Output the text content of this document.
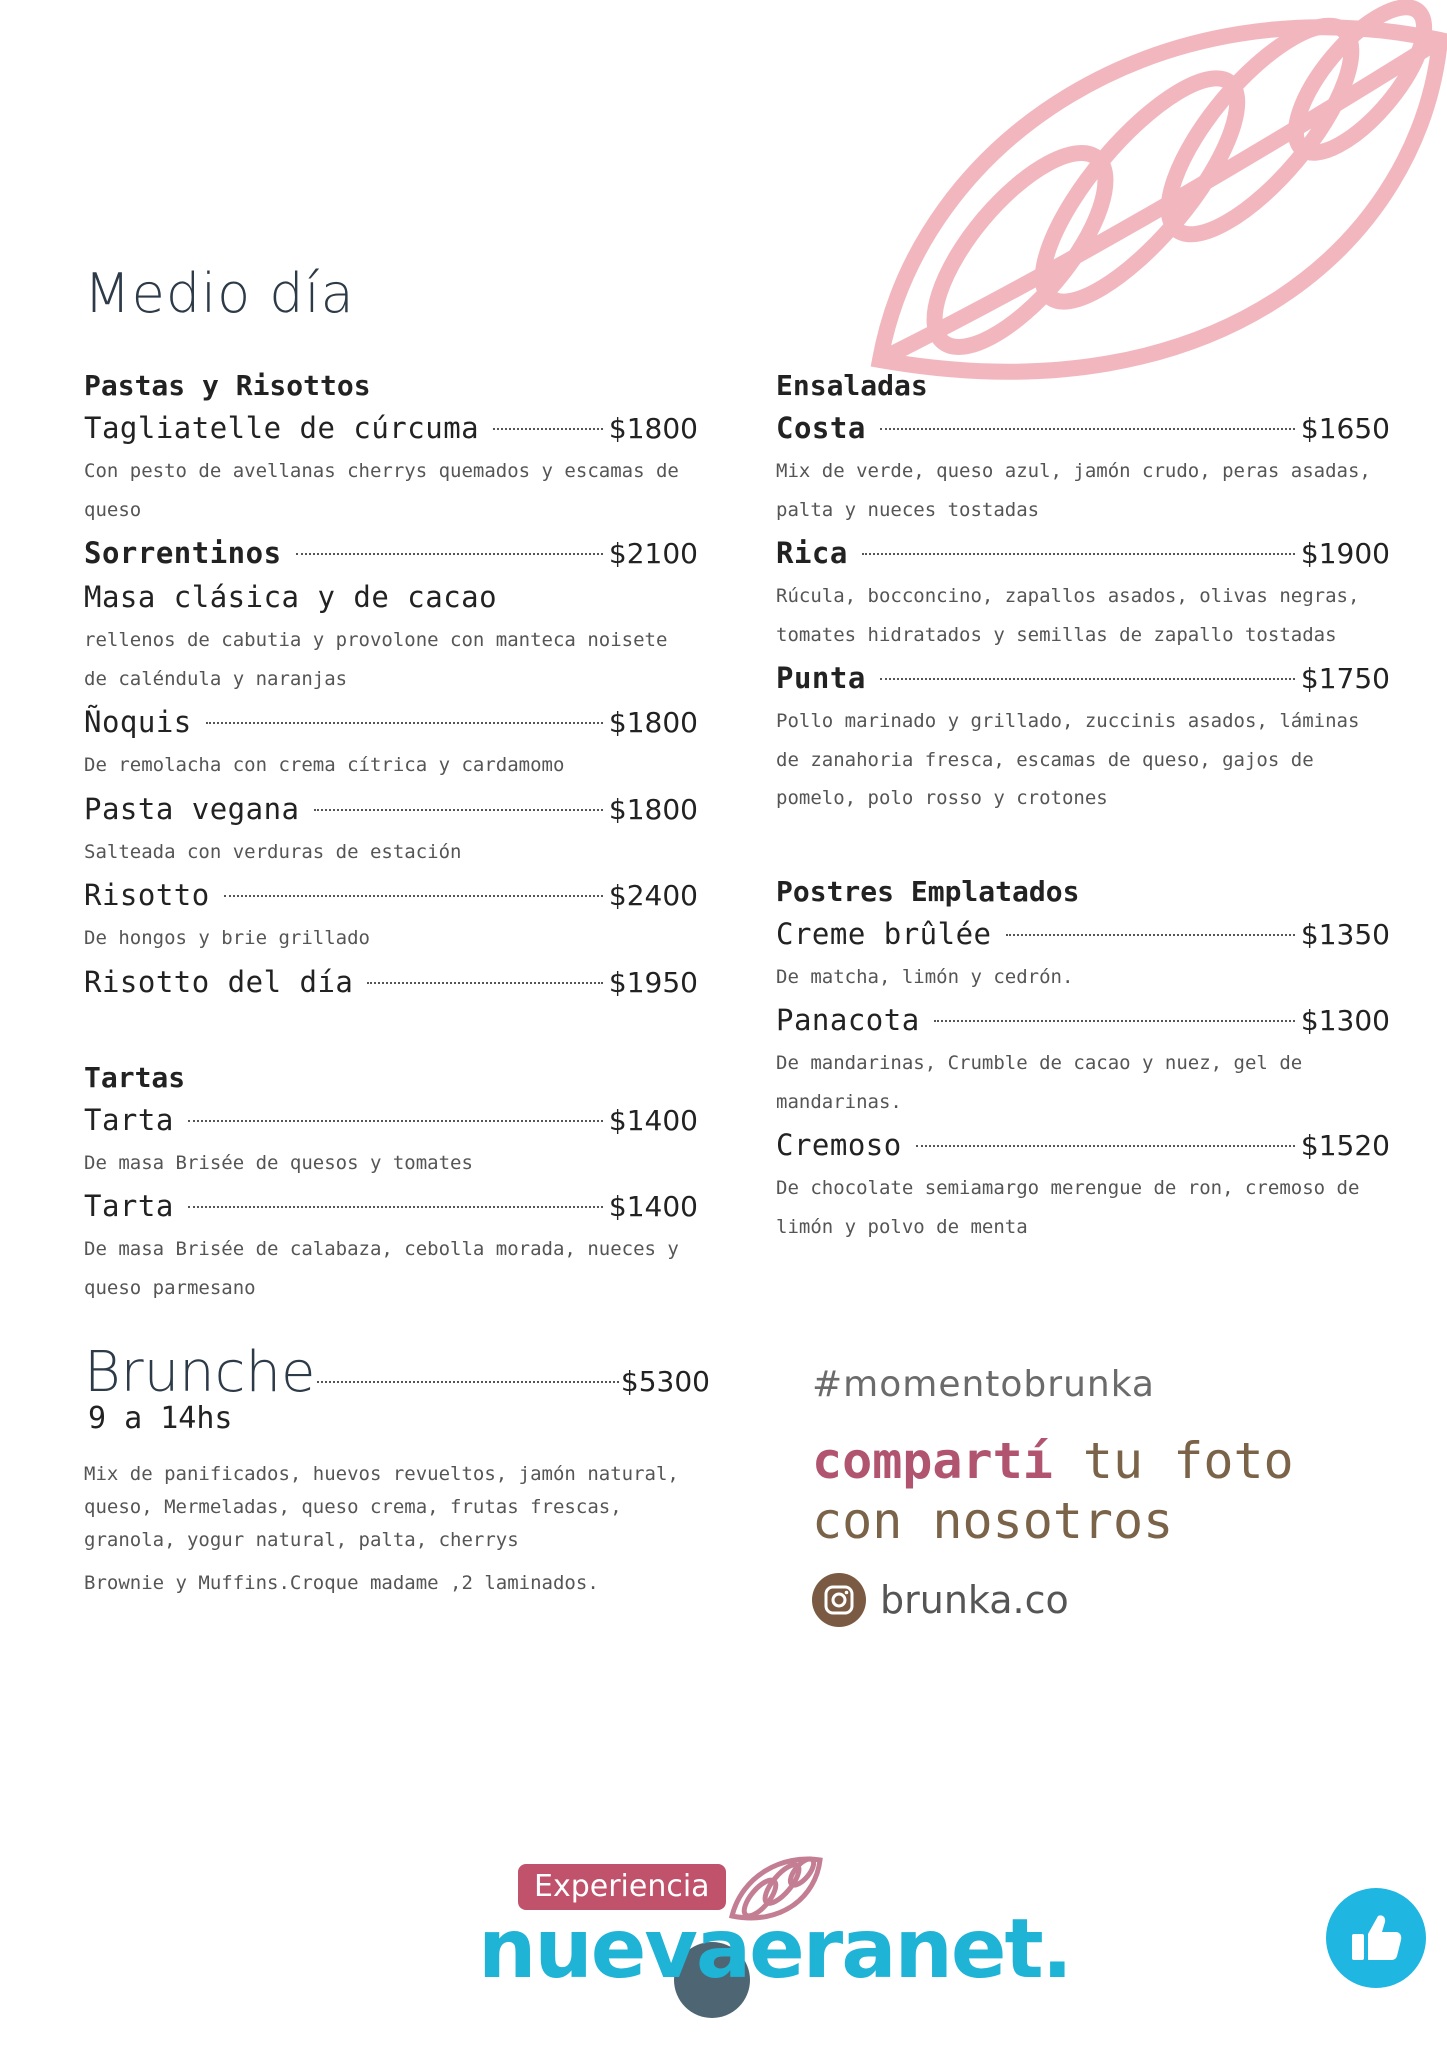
Medio día
Pastas y Risottos
Tagliatelle de cúrcuma	$1800
Con pesto de avellanas cherrys quemados y escamas de queso
Sorrentinos	$2100
Masa clásica y de cacao
rellenos de cabutia y provolone con manteca noisete de caléndula y naranjas
Ñoquis	$1800
De remolacha con crema cítrica y cardamomo
Pasta vegana	$1800
Salteada con verduras de estación
Risotto	$2400
De hongos y brie grillado
Risotto del día	$1950
Tartas
Tarta	$1400
De masa Brisée de quesos y tomates
Tarta	$1400
De masa Brisée de calabaza, cebolla morada, nueces y queso parmesano
Ensaladas
Costa	$1650
Mix de verde, queso azul, jamón crudo, peras asadas, palta y nueces tostadas
Rica	$1900
Rúcula, bocconcino, zapallos asados, olivas negras, tomates hidratados y semillas de zapallo tostadas
Punta	$1750
Pollo marinado y grillado, zuccinis asados, láminas de zanahoria fresca, escamas de queso, gajos de pomelo, polo rosso y crotones
Postres Emplatados
Creme brûlée	$1350
De matcha, limón y cedrón.
Panacota	$1300
De mandarinas, Crumble de cacao y nuez, gel de mandarinas.
Cremoso	$1520
De chocolate semiamargo merengue de ron, cremoso de limón y polvo de menta
Brunche	$5300
9 a 14hs
Mix de panificados, huevos revueltos, jamón natural, queso, Mermeladas, queso crema, frutas frescas, granola, yogur natural, palta, cherrys
Brownie y Muffins.Croque madame ,2 laminados.
#momentobrunka
compartí tu foto
con nosotros
brunka.co
Experiencia
nuevaeranet.
